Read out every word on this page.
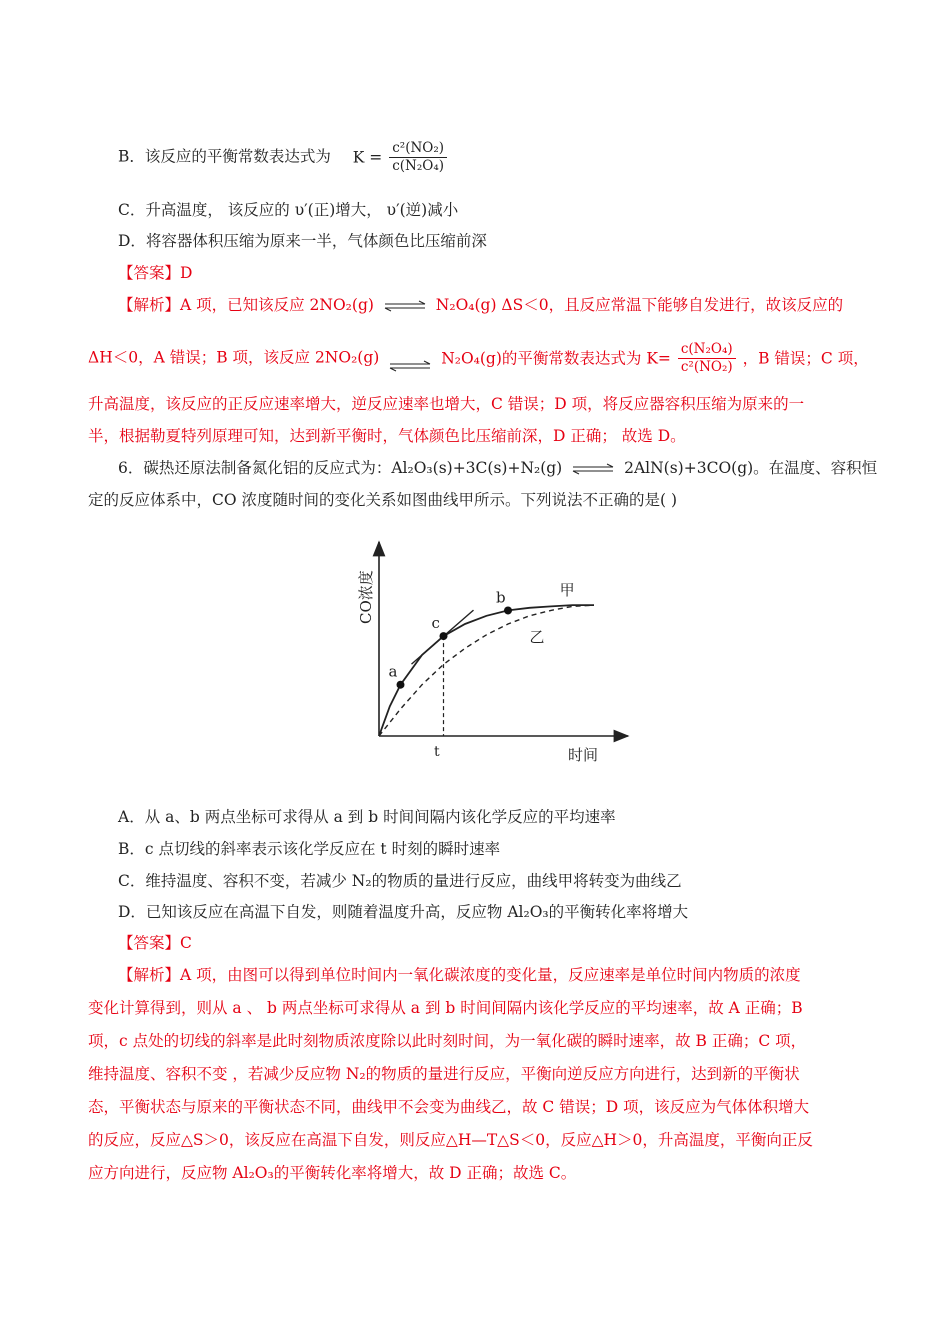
B．该反应的平衡常数表达式为 $K = \frac{\text{c²(NO₂)}}{\text{c(N₂O₄)}}$
C．升高温度， 该反应的 υ′(正)增大， υ′(逆)减小
D．将容器体积压缩为原来一半，气体颜色比压缩前深
【答案】D
【解析】A 项，已知该反应 2NO₂(g) ⇌ N₂O₄(g) ΔS＜0，且反应常温下能够自发进行，故该反应的
ΔH＜0，A 错误；B 项，该反应 2NO₂(g) ⇌ N₂O₄(g)的平衡常数表达式为 $K= \frac{\text{c(N₂O₄)}}{\text{c²(NO₂)}}$ ，B 错误；C 项，
升高温度，该反应的正反应速率增大，逆反应速率也增大，C 错误；D 项，将反应器容积压缩为原来的一
半，根据勒夏特列原理可知，达到新平衡时，气体颜色比压缩前深，D 正确； 故选 D。
6．碳热还原法制备氮化铝的反应式为：Al₂O₃(s)+3C(s)+N₂(g) ⇌ 2AlN(s)+3CO(g)。在温度、容积恒
定的反应体系中，CO 浓度随时间的变化关系如图曲线甲所示。下列说法不正确的是( )
CO浓度
时间
甲
乙
a
c
b
t
A．从 a、b 两点坐标可求得从 a 到 b 时间间隔内该化学反应的平均速率
B．c 点切线的斜率表示该化学反应在 t 时刻的瞬时速率
C．维持温度、容积不变，若减少 N₂的物质的量进行反应，曲线甲将转变为曲线乙
D．已知该反应在高温下自发，则随着温度升高，反应物 Al₂O₃的平衡转化率将增大
【答案】C
【解析】A 项，由图可以得到单位时间内一氧化碳浓度的变化量，反应速率是单位时间内物质的浓度
变化计算得到，则从 a 、 b 两点坐标可求得从 a 到 b 时间间隔内该化学反应的平均速率，故 A 正确；B
项，c 点处的切线的斜率是此时刻物质浓度除以此时刻时间，为一氧化碳的瞬时速率，故 B 正确；C 项，
维持温度、容积不变 ，若减少反应物 N₂的物质的量进行反应，平衡向逆反应方向进行，达到新的平衡状
态，平衡状态与原来的平衡状态不同，曲线甲不会变为曲线乙，故 C 错误；D 项，该反应为气体体积增大
的反应，反应△S＞0，该反应在高温下自发，则反应△H—T△S＜0，反应△H＞0，升高温度，平衡向正反
应方向进行，反应物 Al₂O₃的平衡转化率将增大，故 D 正确；故选 C。
